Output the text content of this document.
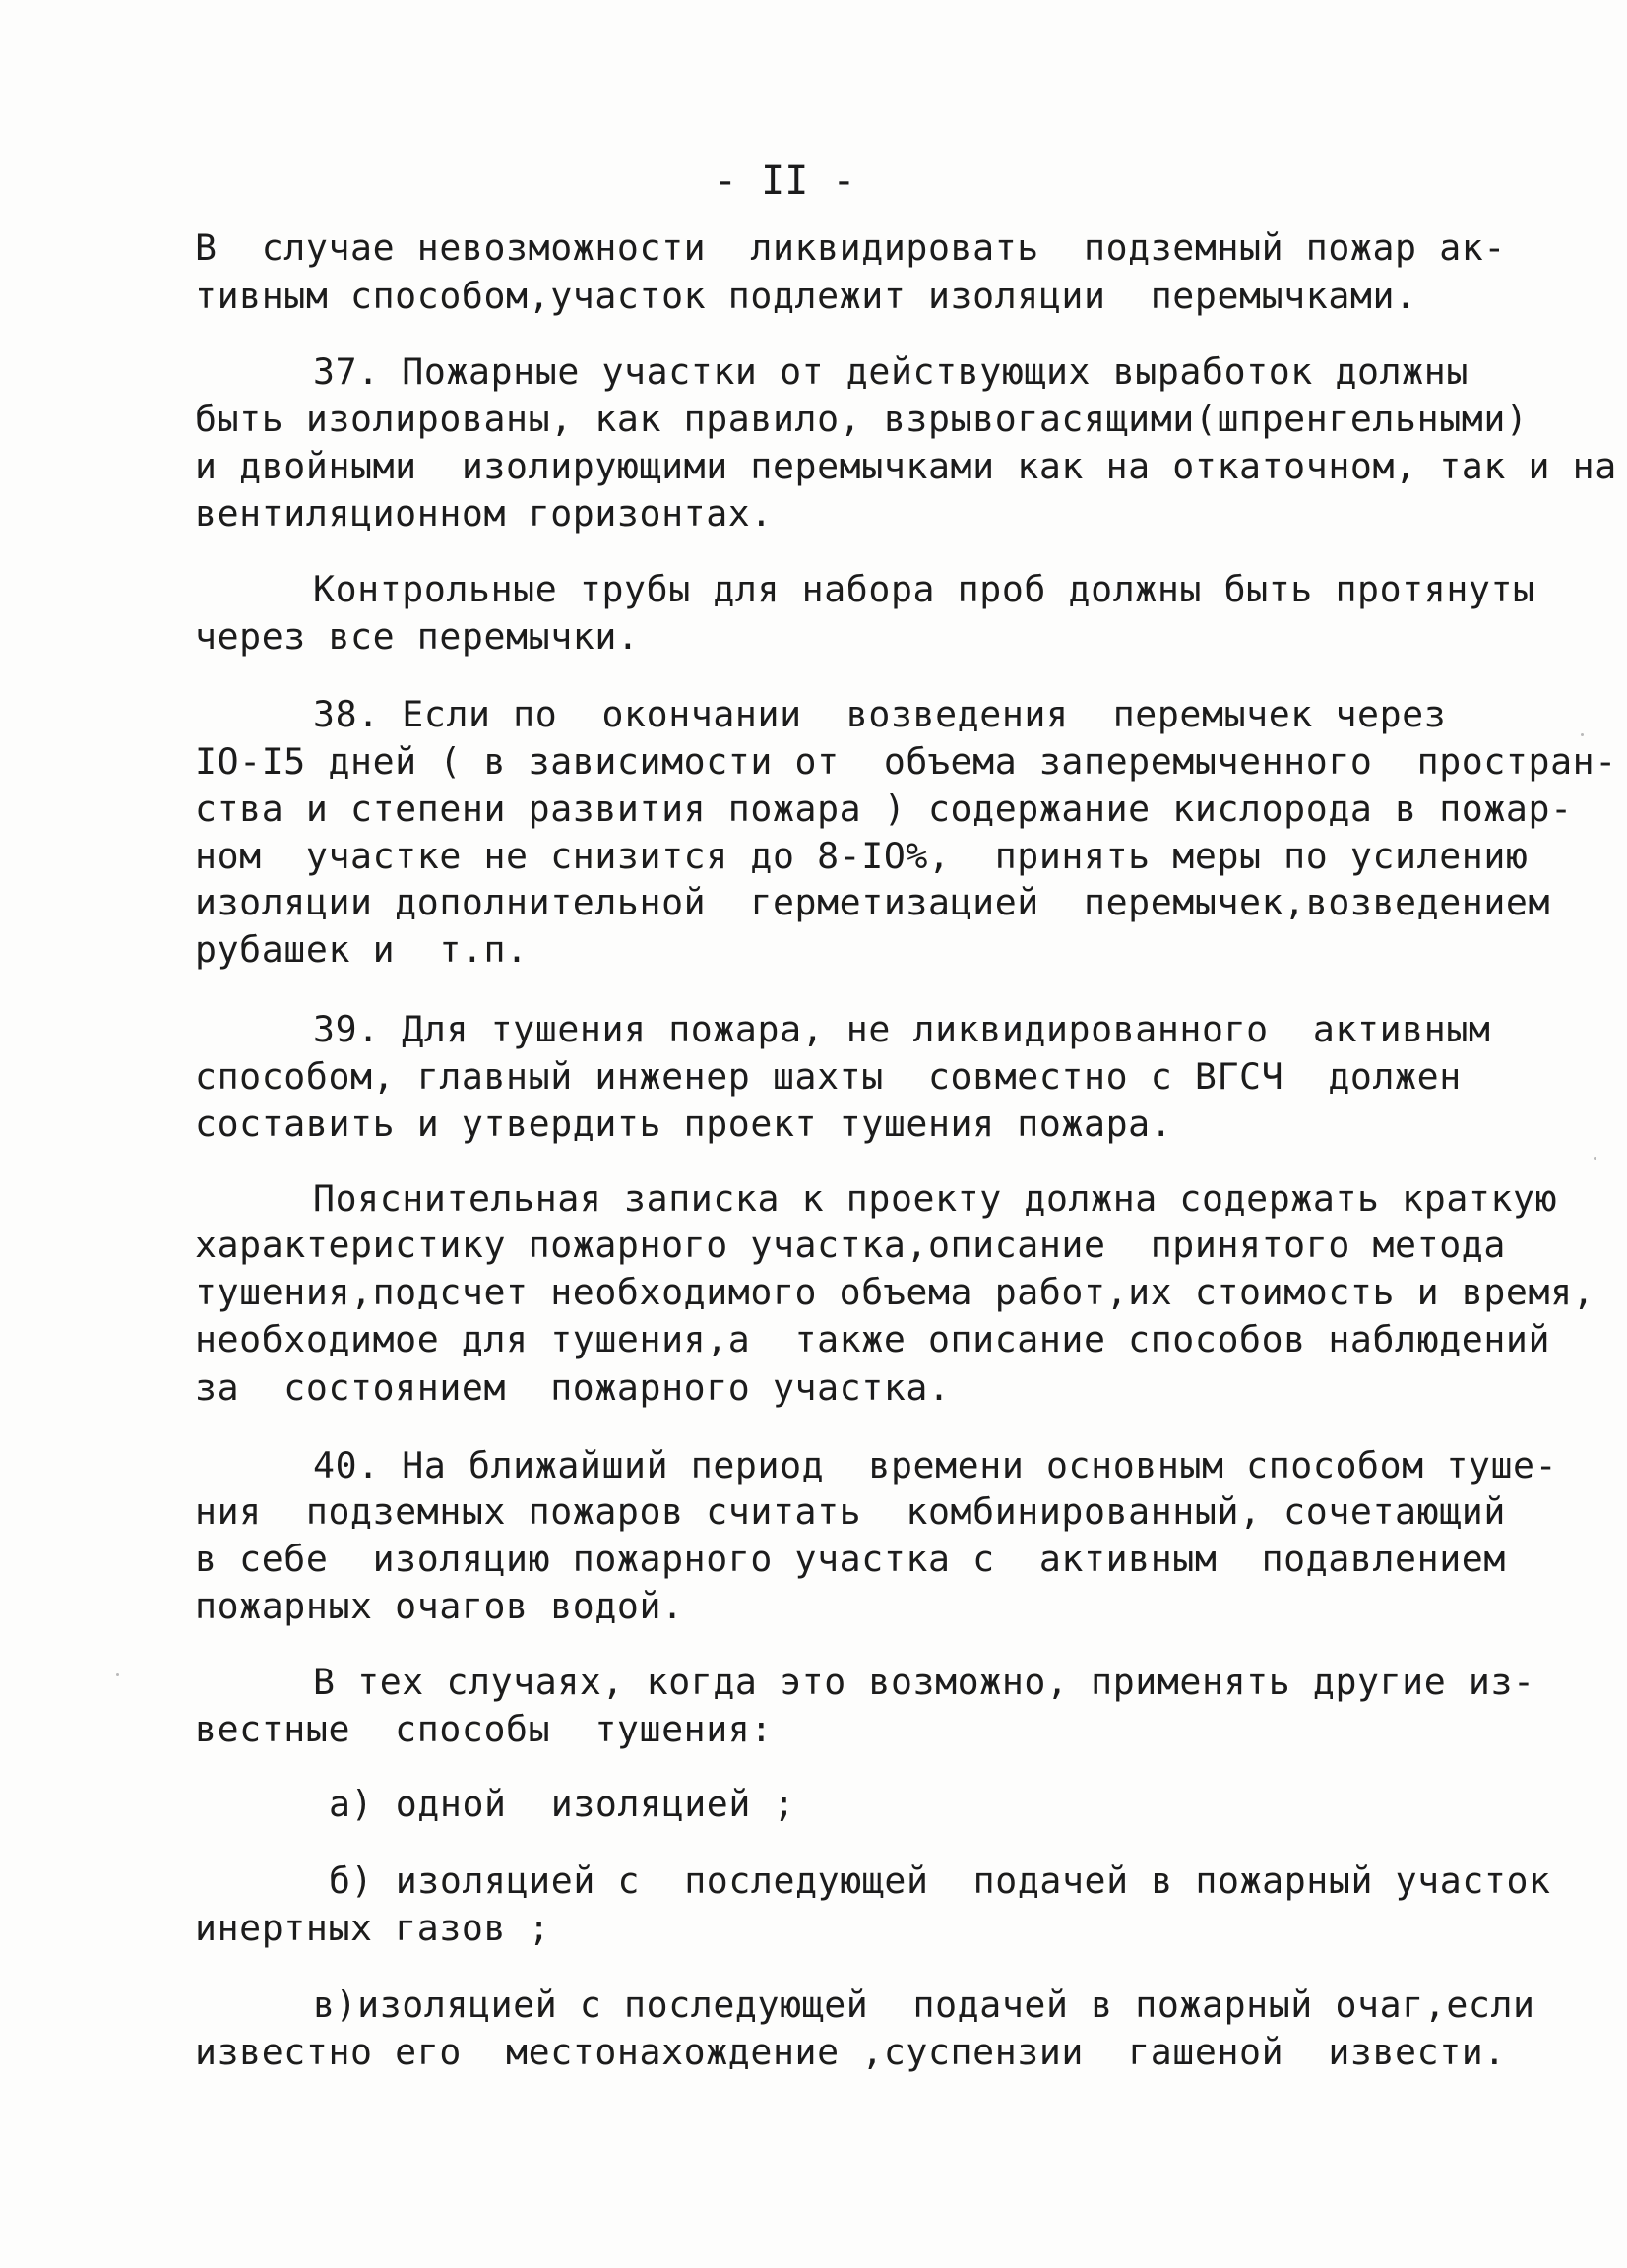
- II -
В  случае невозможности  ликвидировать  подземный пожар ак-
тивным способом,участок подлежит изоляции  перемычками.
37. Пожарные участки от действующих выработок должны
быть изолированы, как правило, взрывогасящими(шпренгельными)
и двойными  изолирующими перемычками как на откаточном, так и на
вентиляционном горизонтах.
Контрольные трубы для набора проб должны быть протянуты
через все перемычки.
38. Если по  окончании  возведения  перемычек через
IO-I5 дней ( в зависимости от  объема заперемыченного  простран-
ства и степени развития пожара ) содержание кислорода в пожар-
ном  участке не снизится до 8-IO%,  принять меры по усилению
изоляции дополнительной  герметизацией  перемычек,возведением
рубашек и  т.п.
39. Для тушения пожара, не ликвидированного  активным
способом, главный инженер шахты  совместно с ВГСЧ  должен
составить и утвердить проект тушения пожара.
Пояснительная записка к проекту должна содержать краткую
характеристику пожарного участка,описание  принятого метода
тушения,подсчет необходимого объема работ,их стоимость и время,
необходимое для тушения,а  также описание способов наблюдений
за  состоянием  пожарного участка.
40. На ближайший период  времени основным способом туше-
ния  подземных пожаров считать  комбинированный, сочетающий
в себе  изоляцию пожарного участка с  активным  подавлением
пожарных очагов водой.
В тех случаях, когда это возможно, применять другие из-
вестные  способы  тушения:
а) одной  изоляцией ;
б) изоляцией с  последующей  подачей в пожарный участок
инертных газов ;
в)изоляцией с последующей  подачей в пожарный очаг,если
известно его  местонахождение ,суспензии  гашеной  извести.
